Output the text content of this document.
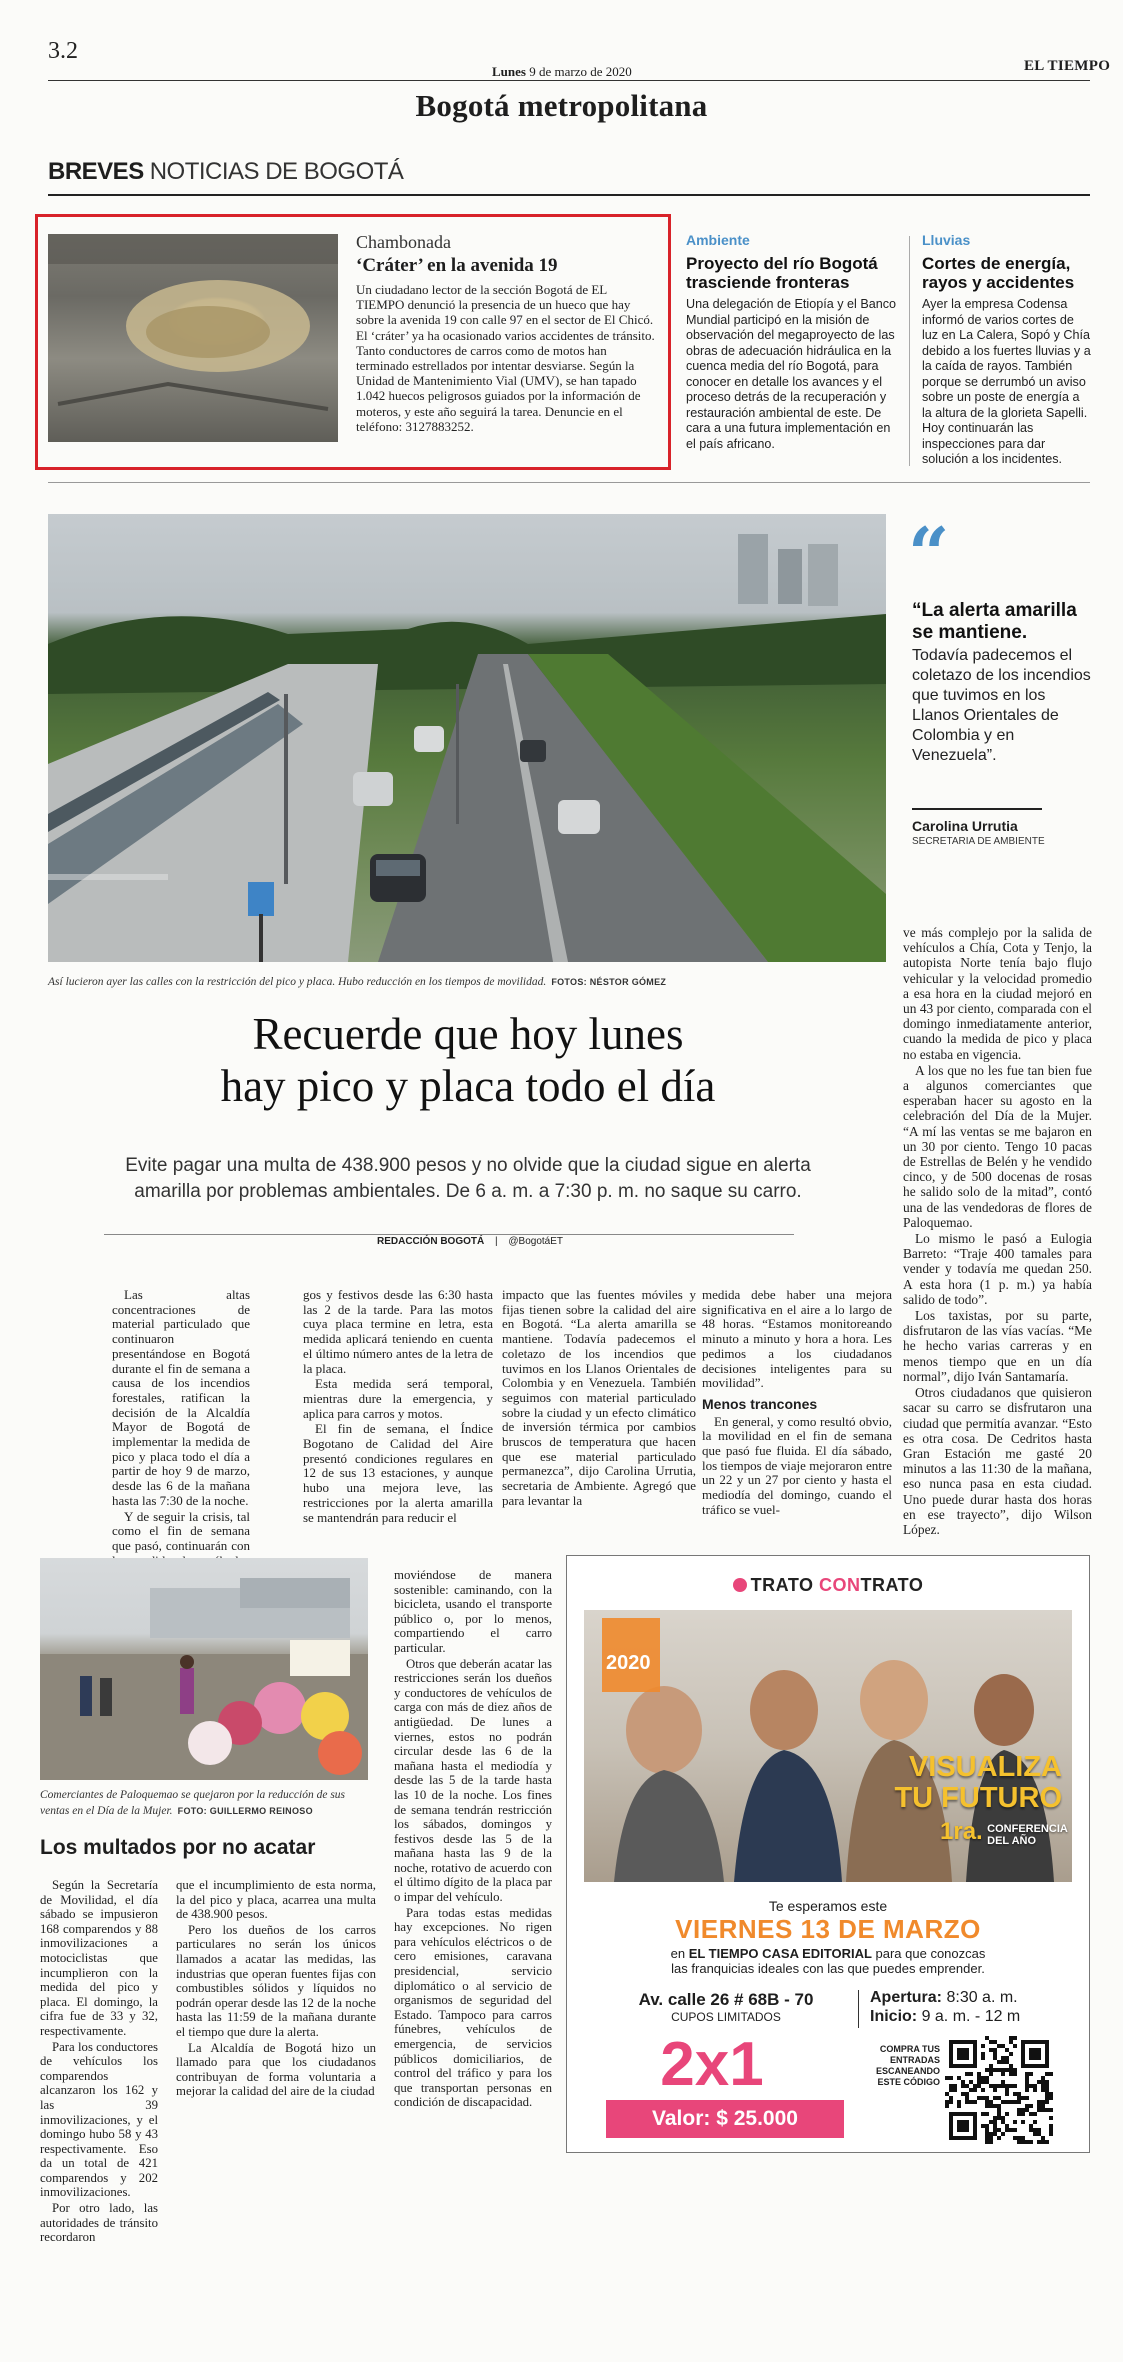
3.2
Lunes 9 de marzo de 2020	EL TIEMPO
Bogotá metropolitana
BREVES NOTICIAS DE BOGOTÁ
Chambonada
‘Cráter’ en la avenida 19
Un ciudadano lector de la sección Bogotá de EL TIEMPO denunció la presencia de un hueco que hay sobre la avenida 19 con calle 97 en el sector de El Chicó. El ‘cráter’ ya ha ocasionado varios accidentes de tránsito. Tanto conductores de carros como de motos han terminado estrellados por intentar desviarse. Según la Unidad de Mantenimiento Vial (UMV), se han tapado 1.042 huecos peligrosos guiados por la información de moteros, y este año seguirá la tarea. Denuncie en el teléfono: 3127883252.
Ambiente
Proyecto del río Bogotá trasciende fronteras
Una delegación de Etiopía y el Banco Mundial participó en la misión de observación del megaproyecto de las obras de adecuación hidráulica en la cuenca media del río Bogotá, para conocer en detalle los avances y el proceso detrás de la recuperación y restauración ambiental de este. De cara a una futura implementación en el país africano.
Lluvias
Cortes de energía, rayos y accidentes
Ayer la empresa Codensa informó de varios cortes de luz en La Calera, Sopó y Chía debido a los fuertes lluvias y a la caída de rayos. También porque se derrumbó un aviso sobre un poste de energía a la altura de la glorieta Sapelli. Hoy continuarán las inspecciones para dar solución a los incidentes.
Así lucieron ayer las calles con la restricción del pico y placa. Hubo reducción en los tiempos de movilidad. FOTOS: NÉSTOR GÓMEZ
“
“La alerta amarilla se mantiene.
Todavía padecemos el coletazo de los incendios que tuvimos en los Llanos Orientales de Colombia y en Venezuela”.
Carolina Urrutia
SECRETARIA DE AMBIENTE
Recuerde que hoy lunes
hay pico y placa todo el día
Evite pagar una multa de 438.900 pesos y no olvide que la ciudad sigue en alerta amarilla por problemas ambientales. De 6 a. m. a 7:30 p. m. no saque su carro.
REDACCIÓN BOGOTÁ | @BogotáET

Las altas concentraciones de material particulado que continuaron presentándose en Bogotá durante el fin de semana a causa de los incendios forestales, ratifican la decisión de la Alcaldía Mayor de Bogotá de implementar la medida de pico y placa todo el día a partir de hoy 9 de marzo, desde las 6 de la mañana hasta las 7:30 de la noche.

Y de seguir la crisis, tal como el fin de semana que pasó, continuarán con

gos y festivos desde las 6:30 hasta las 2 de la tarde. Para las motos cuya placa termine en letra, esta medida aplicará teniendo en cuenta el último número antes de la letra de la placa.

Esta medida será temporal, mientras dure la emergencia, y aplica para carros y motos.

El fin de semana, el Índice Bogotano de Calidad del Aire presentó condiciones regulares en 12 de sus 13 estaciones, y aunque hubo una mejora leve, las restricciones por la alerta amarilla se mantendrán para reducir el

impacto que las fuentes móviles y fijas tienen sobre la calidad del aire en Bogotá. “La alerta amarilla se mantiene. Todavía padecemos el coletazo de los incendios que tuvimos en los Llanos Orientales de Colombia y en Venezuela. También seguimos con material particulado sobre la ciudad y un efecto climático de inversión térmica por cambios bruscos de temperatura que hacen que ese material particulado permanezca”, dijo Carolina Urrutia, secretaria de Ambiente. Agregó que para levantar la

medida debe haber una mejora significativa en el aire a lo largo de 48 horas. “Estamos monitoreando minuto a minuto y hora a hora. Les pedimos a los ciudadanos decisiones inteligentes para su movilidad”.

Menos trancones

En general, y como resultó obvio, la movilidad en el fin de semana que pasó fue fluida. El día sábado, los tiempos de viaje mejoraron entre un 22 y un 27 por ciento y hasta el mediodía del domingo, cuando el tráfico se vuel-

ve más complejo por la salida de vehículos a Chía, Cota y Tenjo, la autopista Norte tenía bajo flujo vehicular y la velocidad promedio a esa hora en la ciudad mejoró en un 43 por ciento, comparada con el domingo inmediatamente anterior, cuando la medida de pico y placa no estaba en vigencia.

A los que no les fue tan bien fue a algunos comerciantes que esperaban hacer su agosto en la celebración del Día de la Mujer. “A mí las ventas se me bajaron en un 30 por ciento. Tengo 10 pacas de Estrellas de Belén y he vendido cinco, y de 500 docenas de rosas he salido solo de la mitad”, contó una de las vendedoras de flores de Paloquemao.

Lo mismo le pasó a Eulogia Barreto: “Traje 400 tamales para vender y todavía me quedan 250. A esta hora (1 p. m.) ya había salido de todo”.

Los taxistas, por su parte, disfrutaron de las vías vacías. “Me he hecho varias carreras y en menos tiempo que en un día normal”, dijo Iván Santamaría.

Otros ciudadanos que quisieron sacar su carro se disfrutaron una ciudad que permitía avanzar. “Esto es otra cosa. De Cedritos hasta Gran Estación me gasté 20 minutos a las 11:30 de la mañana, eso nunca pasa en esta ciudad. Uno puede durar hasta dos horas en ese trayecto”, dijo Wilson López.

Comerciantes de Paloquemao se quejaron por la reducción de sus ventas en el Día de la Mujer. FOTO: GUILLERMO REINOSO
Los multados por no acatar

Según la Secretaría de Movilidad, el día sábado se impusieron 168 comparendos y 88 inmovilizaciones a motociclistas que incumplieron con la medida del pico y placa. El domingo, la cifra fue de 33 y 32, respectivamente.

Para los conductores de vehículos los comparendos alcanzaron los 162 y las 39 inmovilizaciones, y el domingo hubo 58 y 43 respectivamente. Eso da un total de 421 comparendos y 202 inmovilizaciones.

Por otro lado, las autoridades de tránsito recordaron

que el incumplimiento de esta norma, la del pico y placa, acarrea una multa de 438.900 pesos.

Pero los dueños de los carros particulares no serán los únicos llamados a acatar las medidas, las industrias que operan fuentes fijas con combustibles sólidos y líquidos no podrán operar desde las 12 de la noche hasta las 11:59 de la mañana durante el tiempo que dure la alerta.

La Alcaldía de Bogotá hizo un llamado para que los ciudadanos contribuyan de forma voluntaria a mejorar la calidad del aire de la ciudad

moviéndose de manera sostenible: caminando, con la bicicleta, usando el transporte público o, por lo menos, compartiendo el carro particular.

Otros que deberán acatar las restricciones serán los dueños y conductores de vehículos de carga con más de diez años de antigüedad. De lunes a viernes, estos no podrán circular desde las 6 de la mañana hasta el mediodía y desde las 5 de la tarde hasta las 10 de la noche. Los fines de semana tendrán restricción los sábados, domingos y festivos desde las 5 de la mañana hasta las 9 de la noche, rotativo de acuerdo con el último dígito de la placa par o impar del vehículo.

Para todas estas medidas hay excepciones. No rigen para vehículos eléctricos o de cero emisiones, caravana presidencial, servicio diplomático o al servicio de organismos de seguridad del Estado. Tampoco para carros fúnebres, vehículos de emergencia, de servicios públicos domiciliarios, de control del tráfico y para los que transportan personas en condición de discapacidad.

TRATO CONTRATO
2020
VISUALIZA
TU FUTURO
1ra. CONFERENCIA DEL AÑO
Te esperamos este
VIERNES 13 DE MARZO
en EL TIEMPO CASA EDITORIAL para que conozcas
las franquicias ideales con las que puedes emprender.
Av. calle 26 # 68B - 70
CUPOS LIMITADOS
Apertura: 8:30 a. m.
Inicio: 9 a. m. - 12 m
2x1
Valor: $ 25.000
COMPRA TUS ENTRADAS ESCANEANDO ESTE CÓDIGO
